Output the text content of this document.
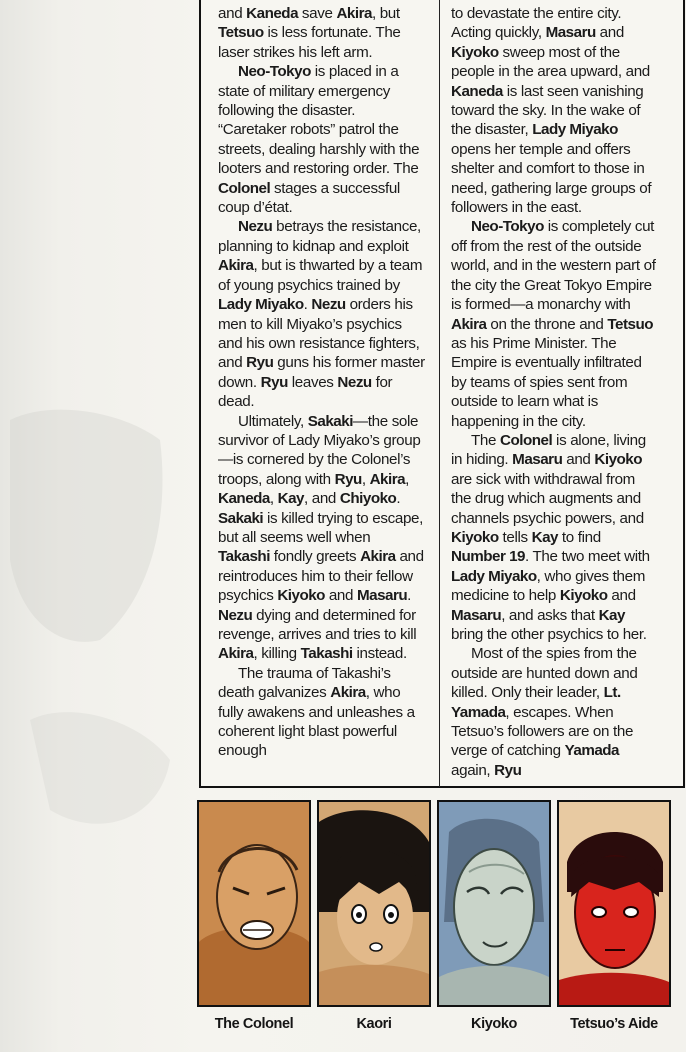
and Kaneda save Akira, but Tetsuo is less fortunate. The laser strikes his left arm.

Neo-Tokyo is placed in a state of military emergency following the disaster. “Caretaker robots” patrol the streets, dealing harshly with the looters and restoring order. The Colonel stages a successful coup d’état.

Nezu betrays the resistance, planning to kidnap and exploit Akira, but is thwarted by a team of young psychics trained by Lady Miyako. Nezu orders his men to kill Miyako’s psychics and his own resistance fighters, and Ryu guns his former master down. Ryu leaves Nezu for dead.

Ultimately, Sakaki—the sole survivor of Lady Miyako’s group—is cornered by the Colonel’s troops, along with Ryu, Akira, Kaneda, Kay, and Chiyoko. Sakaki is killed trying to escape, but all seems well when Takashi fondly greets Akira and reintroduces him to their fellow psychics Kiyoko and Masaru. Nezu dying and determined for revenge, arrives and tries to kill Akira, killing Takashi instead.

The trauma of Takashi’s death galvanizes Akira, who fully awakens and unleashes a coherent light blast powerful enough

to devastate the entire city. Acting quickly, Masaru and Kiyoko sweep most of the people in the area upward, and Kaneda is last seen vanishing toward the sky. In the wake of the disaster, Lady Miyako opens her temple and offers shelter and comfort to those in need, gathering large groups of followers in the east.

Neo-Tokyo is completely cut off from the rest of the outside world, and in the western part of the city the Great Tokyo Empire is formed—a monarchy with Akira on the throne and Tetsuo as his Prime Minister. The Empire is eventually infiltrated by teams of spies sent from outside to learn what is happening in the city.

The Colonel is alone, living in hiding. Masaru and Kiyoko are sick with withdrawal from the drug which augments and channels psychic powers, and Kiyoko tells Kay to find Number 19. The two meet with Lady Miyako, who gives them medicine to help Kiyoko and Masaru, and asks that Kay bring the other psychics to her.

Most of the spies from the outside are hunted down and killed. Only their leader, Lt. Yamada, escapes. When Tetsuo’s followers are on the verge of catching Yamada again, Ryu

The Colonel	Kaori	Kiyoko	Tetsuo’s Aide
